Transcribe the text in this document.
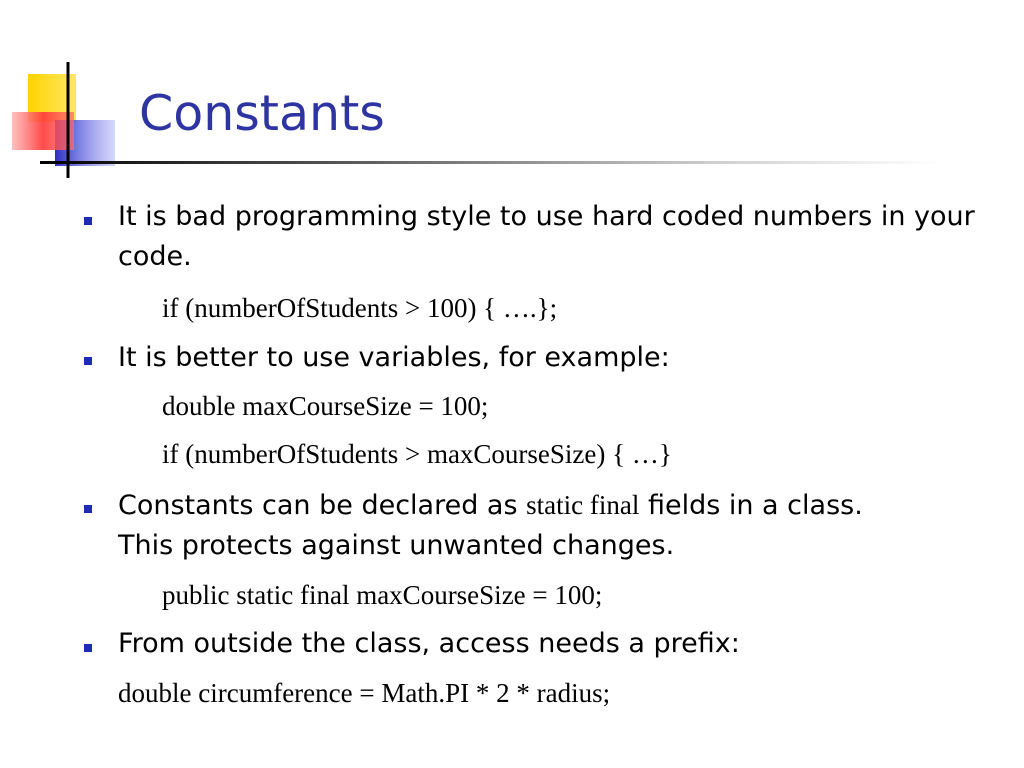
Constants

It is bad programming style to use hard coded numbers in your code.

if (numberOfStudents > 100) { ….};

It is better to use variables, for example:

double maxCourseSize = 100;

if (numberOfStudents > maxCourseSize) { …}

Constants can be declared as static final fields in a class.
This protects against unwanted changes.

public static final maxCourseSize = 100;

From outside the class, access needs a prefix:

double circumference = Math.PI * 2 * radius;
